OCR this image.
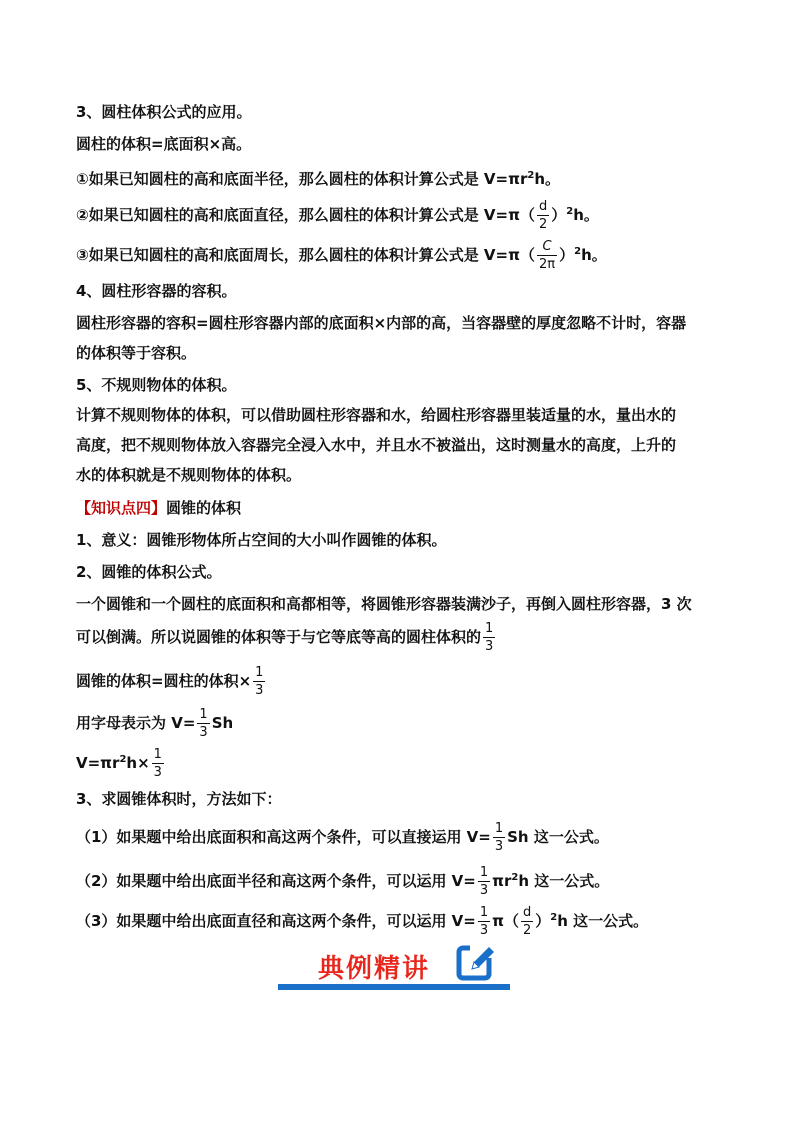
3、圆柱体积公式的应用。
圆柱的体积=底面积×高。
①如果已知圆柱的高和底面半径，那么圆柱的体积计算公式是 $V=\pi r^2h$。
②如果已知圆柱的高和底面直径，那么圆柱的体积计算公式是 $V=\pi( \frac{d}{2} )^2h$。
③如果已知圆柱的高和底面周长，那么圆柱的体积计算公式是 $V=\pi( \frac{C}{2\pi} )^2h$。
4、圆柱形容器的容积。
圆柱形容器的容积=圆柱形容器内部的底面积×内部的高，当容器壁的厚度忽略不计时，容器
的体积等于容积。
5、不规则物体的体积。
计算不规则物体的体积，可以借助圆柱形容器和水，给圆柱形容器里装适量的水，量出水的
高度，把不规则物体放入容器完全浸入水中，并且水不被溢出，这时测量水的高度，上升的
水的体积就是不规则物体的体积。
【知识点四】圆锥的体积
1、意义：圆锥形物体所占空间的大小叫作圆锥的体积。
2、圆锥的体积公式。
一个圆锥和一个圆柱的底面积和高都相等，将圆锥形容器装满沙子，再倒入圆柱形容器，3 次
可以倒满。所以说圆锥的体积等于与它等底等高的圆柱体积的 $\frac{1}{3}$
圆锥的体积=圆柱的体积× $\frac{1}{3}$
用字母表示为 $V= \frac{1}{3}$ Sh
$V=\pi r^2h\times \frac{1}{3}$
3、求圆锥体积时，方法如下：
（1）如果题中给出底面积和高这两个条件，可以直接运用 $V= \frac{1}{3}$ Sh 这一公式。
（2）如果题中给出底面半径和高这两个条件，可以运用 $V= \frac{1}{3} \pi r^2h$ 这一公式。
（3）如果题中给出底面直径和高这两个条件，可以运用 $V= \frac{1}{3} \pi( \frac{d}{2} )^2h$ 这一公式。
典例精讲
